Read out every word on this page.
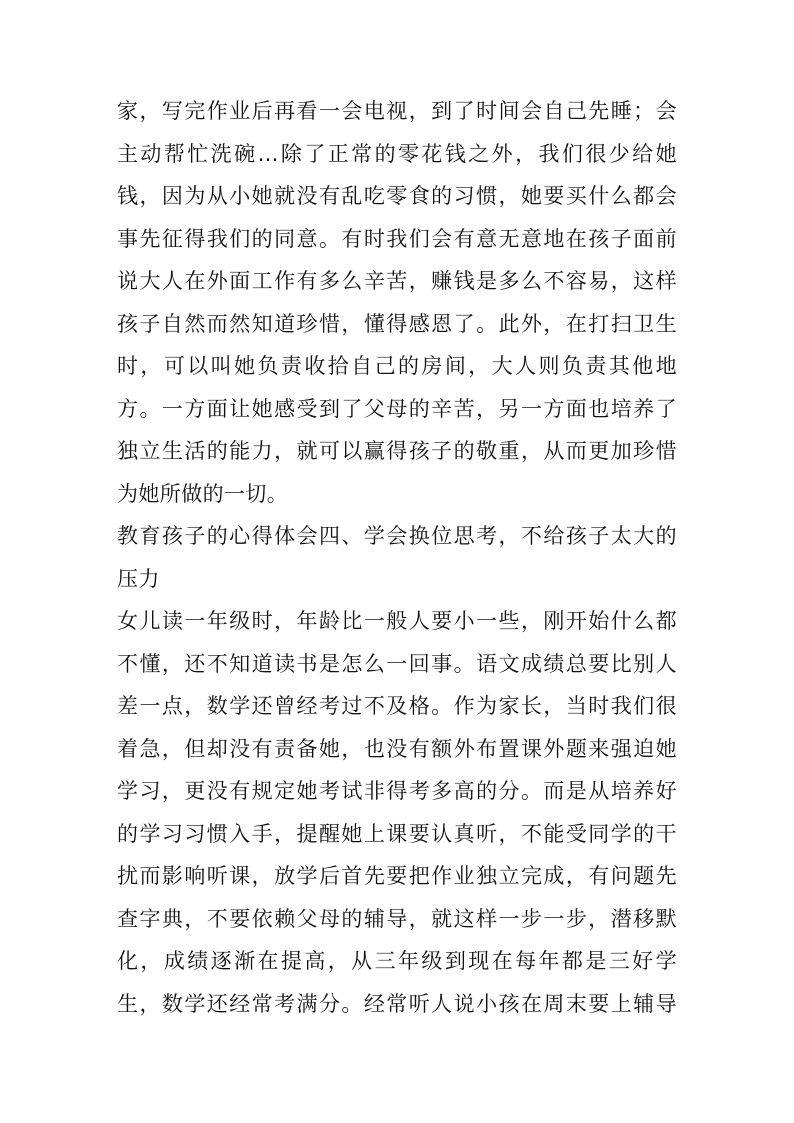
家，写完作业后再看一会电视，到了时间会自己先睡；会
主动帮忙洗碗…除了正常的零花钱之外，我们很少给她
钱，因为从小她就没有乱吃零食的习惯，她要买什么都会
事先征得我们的同意。有时我们会有意无意地在孩子面前
说大人在外面工作有多么辛苦，赚钱是多么不容易，这样
孩子自然而然知道珍惜，懂得感恩了。此外，在打扫卫生
时，可以叫她负责收拾自己的房间，大人则负责其他地
方。一方面让她感受到了父母的辛苦，另一方面也培养了
独立生活的能力，就可以赢得孩子的敬重，从而更加珍惜
为她所做的一切。
教育孩子的心得体会四、学会换位思考，不给孩子太大的
压力
女儿读一年级时，年龄比一般人要小一些，刚开始什么都
不懂，还不知道读书是怎么一回事。语文成绩总要比别人
差一点，数学还曾经考过不及格。作为家长，当时我们很
着急，但却没有责备她，也没有额外布置课外题来强迫她
学习，更没有规定她考试非得考多高的分。而是从培养好
的学习习惯入手，提醒她上课要认真听，不能受同学的干
扰而影响听课，放学后首先要把作业独立完成，有问题先
查字典，不要依赖父母的辅导，就这样一步一步，潜移默
化，成绩逐渐在提高，从三年级到现在每年都是三好学
生，数学还经常考满分。经常听人说小孩在周末要上辅导
